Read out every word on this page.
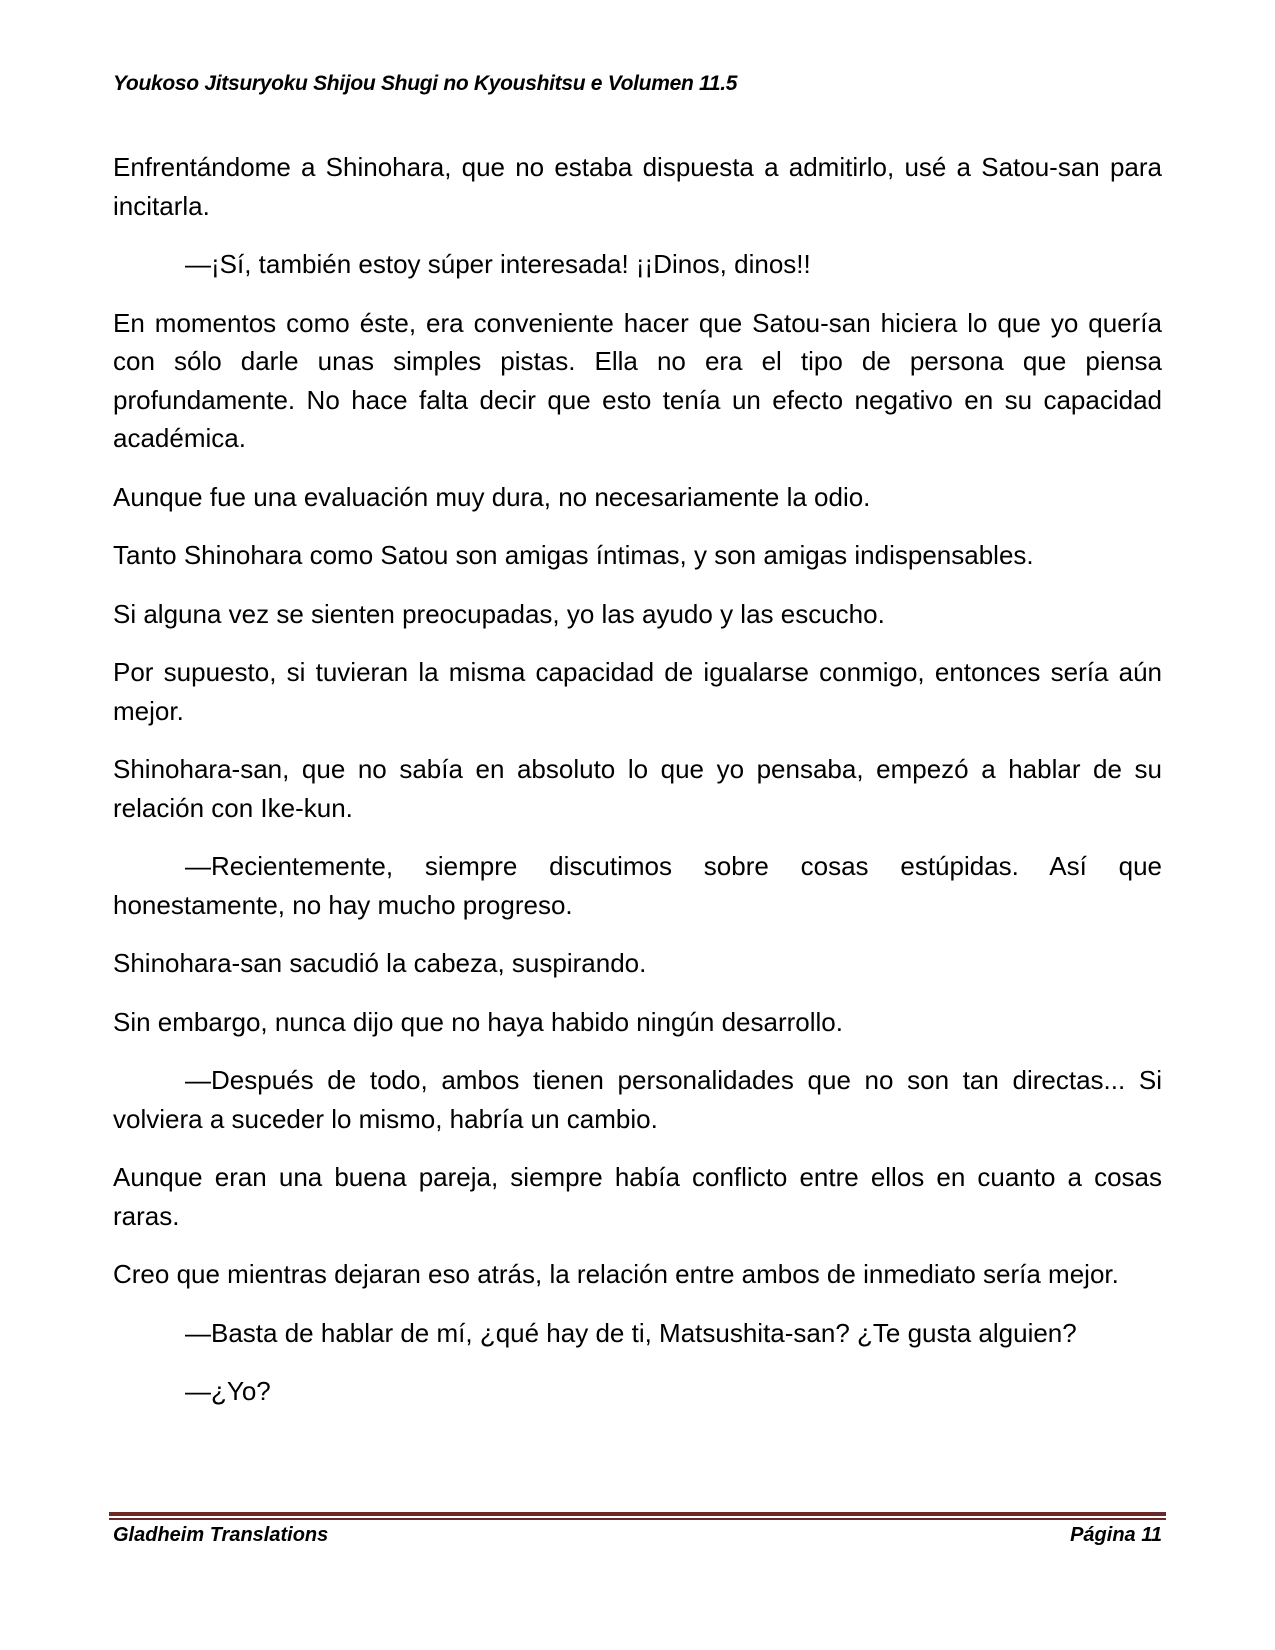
Youkoso Jitsuryoku Shijou Shugi no Kyoushitsu e Volumen 11.5

Enfrentándome a Shinohara, que no estaba dispuesta a admitirlo, usé a Satou-san para incitarla.

—¡Sí, también estoy súper interesada! ¡¡Dinos, dinos!!

En momentos como éste, era conveniente hacer que Satou-san hiciera lo que yo quería con sólo darle unas simples pistas. Ella no era el tipo de persona que piensa profundamente. No hace falta decir que esto tenía un efecto negativo en su capacidad académica.

Aunque fue una evaluación muy dura, no necesariamente la odio.

Tanto Shinohara como Satou son amigas íntimas, y son amigas indispensables.

Si alguna vez se sienten preocupadas, yo las ayudo y las escucho.

Por supuesto, si tuvieran la misma capacidad de igualarse conmigo, entonces sería aún mejor.

Shinohara-san, que no sabía en absoluto lo que yo pensaba, empezó a hablar de su relación con Ike-kun.

—Recientemente, siempre discutimos sobre cosas estúpidas. Así que honestamente, no hay mucho progreso.

Shinohara-san sacudió la cabeza, suspirando.

Sin embargo, nunca dijo que no haya habido ningún desarrollo.

—Después de todo, ambos tienen personalidades que no son tan directas... Si volviera a suceder lo mismo, habría un cambio.

Aunque eran una buena pareja, siempre había conflicto entre ellos en cuanto a cosas raras.

Creo que mientras dejaran eso atrás, la relación entre ambos de inmediato sería mejor.

—Basta de hablar de mí, ¿qué hay de ti, Matsushita-san? ¿Te gusta alguien?

—¿Yo?

Gladheim Translations	Página 11
